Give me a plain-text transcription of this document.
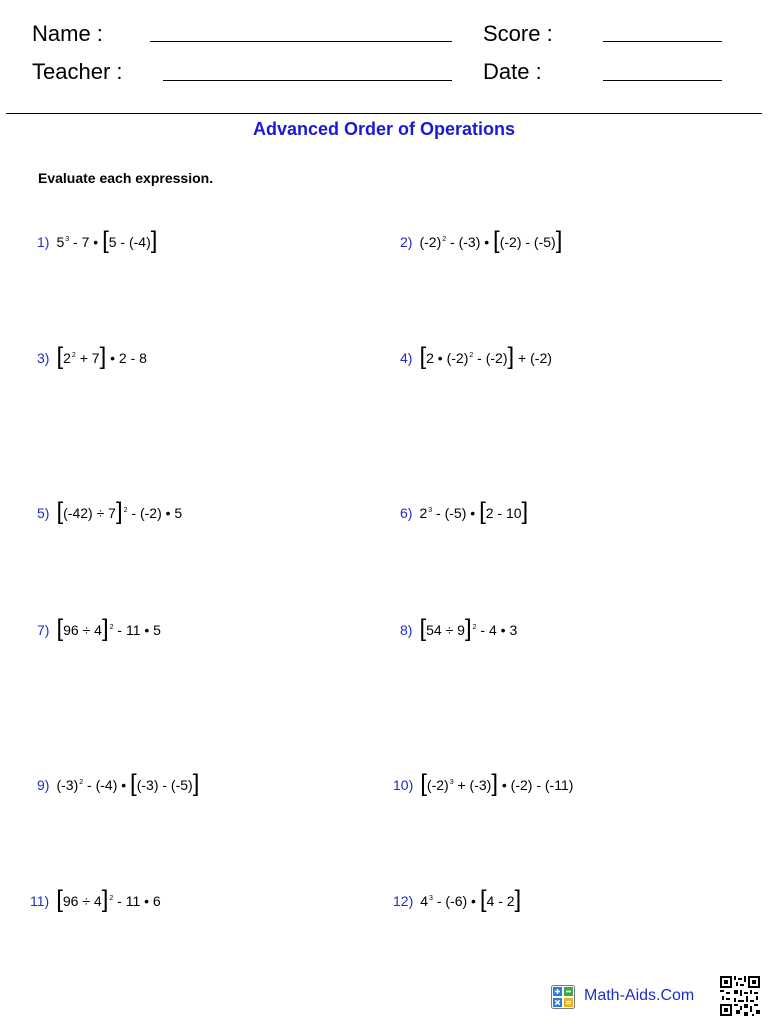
Name :	Score :
Teacher :	Date :
Advanced Order of Operations
Evaluate each expression.
1) $5^3 - 7$ • [ 5 - (-4) ]	2) $(-2)^2 - (-3)$ • [ (-2) - (-5) ]
3) [ $2^2 + 7$ ] • 2 - 8	4) [ 2 • $(-2)^2 - (-2)$ ] + (-2)
5) [ (-42) ÷ 7 ]$^2$ - (-2) • 5	6) $2^3 - (-5)$ • [ 2 - 10 ]
7) [ 96 ÷ 4 ]$^2$ - 11 • 5	8) [ 54 ÷ 9 ]$^2$ - 4 • 3
9) $(-3)^2 - (-4)$ • [ (-3) - (-5) ]	10) [ $(-2)^3 + (-3)$ ] • (-2) - (-11)
11) [ 96 ÷ 4 ]$^2$ - 11 • 6	12) $4^3 - (-6)$ • [ 4 - 2 ]
Math-Aids.Com
